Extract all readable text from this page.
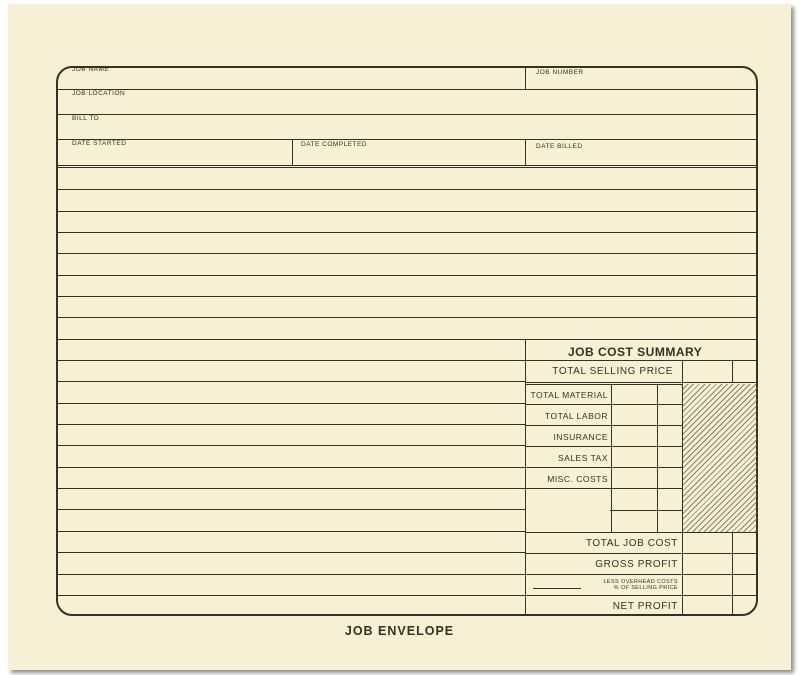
JOB NAME	JOB NUMBER
JOB LOCATION
BILL TO
DATE STARTED	DATE COMPLETED	DATE BILLED
JOB COST SUMMARY
TOTAL SELLING PRICE
TOTAL MATERIAL
TOTAL LABOR
INSURANCE
SALES TAX
MISC. COSTS
TOTAL JOB COST
GROSS PROFIT
LESS OVERHEAD COSTS
% OF SELLING PRICE
NET PROFIT
JOB ENVELOPE
